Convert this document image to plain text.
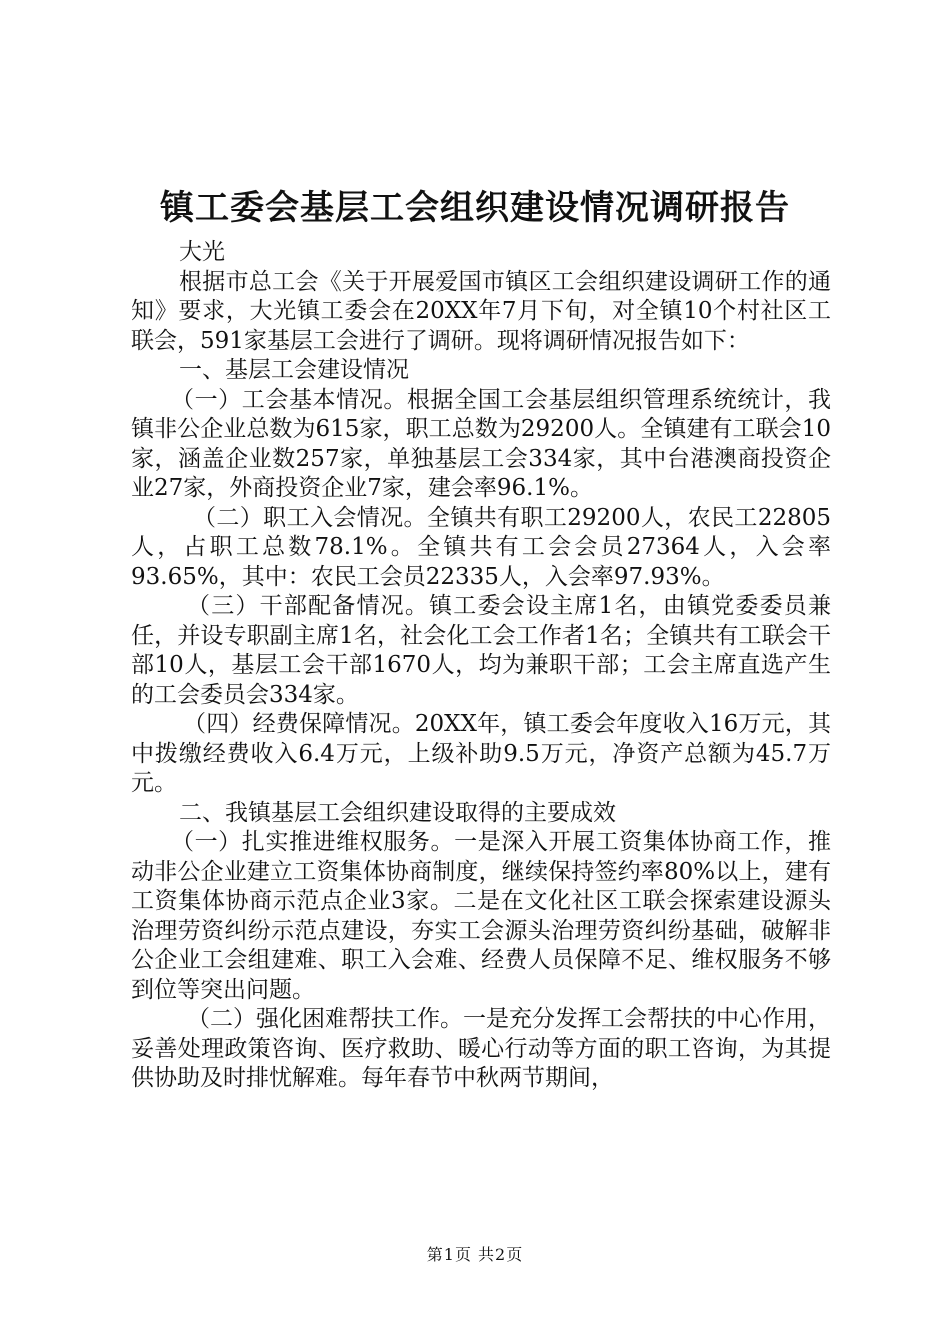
镇工委会基层工会组织建设情况调研报告

大光

根据市总工会《关于开展爱国市镇区工会组织建设调研工作的通知》要求，大光镇工委会在20XX年7月下旬，对全镇10个村社区工联会，591家基层工会进行了调研。现将调研情况报告如下：

一、基层工会建设情况

（一）工会基本情况。根据全国工会基层组织管理系统统计，我镇非公企业总数为615家，职工总数为29200人。全镇建有工联会10家，涵盖企业数257家，单独基层工会334家，其中台港澳商投资企业27家，外商投资企业7家，建会率96.1%。

（二）职工入会情况。全镇共有职工29200人，农民工22805人，占职工总数78.1%。全镇共有工会会员27364人，入会率93.65%，其中：农民工会员22335人，入会率97.93%。

（三）干部配备情况。镇工委会设主席1名，由镇党委委员兼任，并设专职副主席1名，社会化工会工作者1名；全镇共有工联会干部10人，基层工会干部1670人，均为兼职干部；工会主席直选产生的工会委员会334家。

（四）经费保障情况。20XX年，镇工委会年度收入16万元，其中拨缴经费收入6.4万元，上级补助9.5万元，净资产总额为45.7万元。

二、我镇基层工会组织建设取得的主要成效

（一）扎实推进维权服务。一是深入开展工资集体协商工作，推动非公企业建立工资集体协商制度，继续保持签约率80%以上，建有工资集体协商示范点企业3家。二是在文化社区工联会探索建设源头治理劳资纠纷示范点建设，夯实工会源头治理劳资纠纷基础，破解非公企业工会组建难、职工入会难、经费人员保障不足、维权服务不够到位等突出问题。

（二）强化困难帮扶工作。一是充分发挥工会帮扶的中心作用，妥善处理政策咨询、医疗救助、暖心行动等方面的职工咨询，为其提供协助及时排忧解难。每年春节中秋两节期间，

第1页 共2页
